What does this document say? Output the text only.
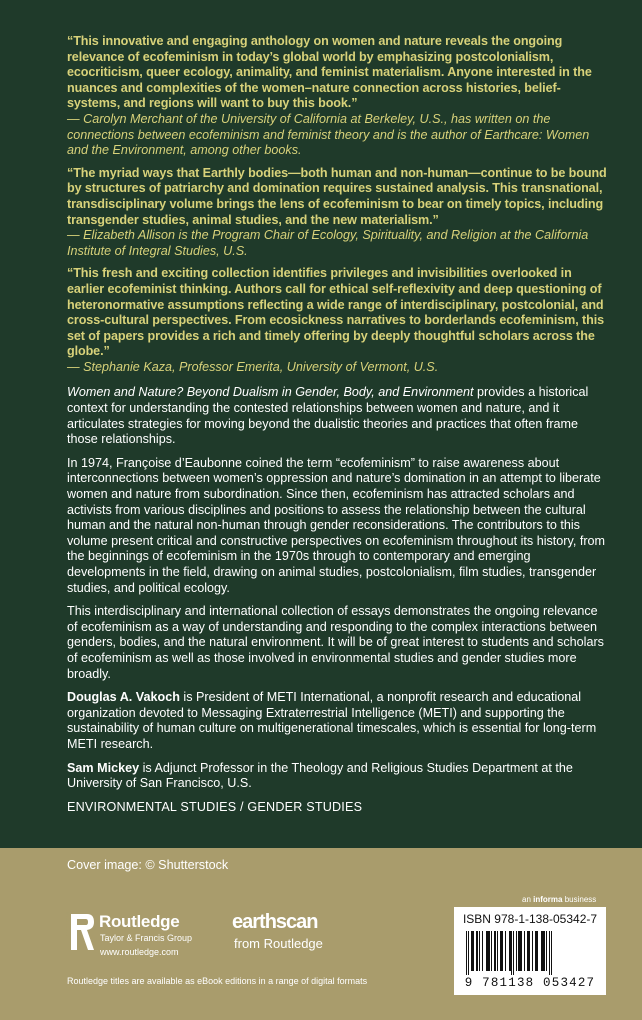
“This innovative and engaging anthology on women and nature reveals the ongoing relevance of ecofeminism in today’s global world by emphasizing postcolonialism, ecocriticism, queer ecology, animality, and feminist materialism. Anyone interested in the nuances and complexities of the women–nature connection across histories, belief-systems, and regions will want to buy this book.”
— Carolyn Merchant of the University of California at Berkeley, U.S., has written on the connections between ecofeminism and feminist theory and is the author of Earthcare: Women and the Environment, among other books.
“The myriad ways that Earthly bodies—both human and non-human—continue to be bound by structures of patriarchy and domination requires sustained analysis. This transnational, transdisciplinary volume brings the lens of ecofeminism to bear on timely topics, including transgender studies, animal studies, and the new materialism.”
— Elizabeth Allison is the Program Chair of Ecology, Spirituality, and Religion at the California Institute of Integral Studies, U.S.
“This fresh and exciting collection identifies privileges and invisibilities overlooked in earlier ecofeminist thinking. Authors call for ethical self-reflexivity and deep questioning of heteronormative assumptions reflecting a wide range of interdisciplinary, postcolonial, and cross-cultural perspectives. From ecosickness narratives to borderlands ecofeminism, this set of papers provides a rich and timely offering by deeply thoughtful scholars across the globe.”
— Stephanie Kaza, Professor Emerita, University of Vermont, U.S.

Women and Nature? Beyond Dualism in Gender, Body, and Environment provides a historical context for understanding the contested relationships between women and nature, and it articulates strategies for moving beyond the dualistic theories and practices that often frame those relationships.

In 1974, Françoise d’Eaubonne coined the term “ecofeminism” to raise awareness about interconnections between women’s oppression and nature’s domination in an attempt to liberate women and nature from subordination. Since then, ecofeminism has attracted scholars and activists from various disciplines and positions to assess the relationship between the cultural human and the natural non-human through gender reconsiderations. The contributors to this volume present critical and constructive perspectives on ecofeminism throughout its history, from the beginnings of ecofeminism in the 1970s through to contemporary and emerging developments in the field, drawing on animal studies, postcolonialism, film studies, transgender studies, and political ecology.

This interdisciplinary and international collection of essays demonstrates the ongoing relevance of ecofeminism as a way of understanding and responding to the complex interactions between genders, bodies, and the natural environment. It will be of great interest to students and scholars of ecofeminism as well as those involved in environmental studies and gender studies more broadly.

Douglas A. Vakoch is President of METI International, a nonprofit research and educational organization devoted to Messaging Extraterrestrial Intelligence (METI) and supporting the sustainability of human culture on multigenerational timescales, which is essential for long-term METI research.

Sam Mickey is Adjunct Professor in the Theology and Religious Studies Department at the University of San Francisco, U.S.

ENVIRONMENTAL STUDIES / GENDER STUDIES
Cover image: © Shutterstock
ROUTLEDGE Routledge
Taylor & Francis Group
www.routledge.com
earthscan
from Routledge
an informa business
ISBN 978-1-138-05342-7
9 781138 053427
Routledge titles are available as eBook editions in a range of digital formats
